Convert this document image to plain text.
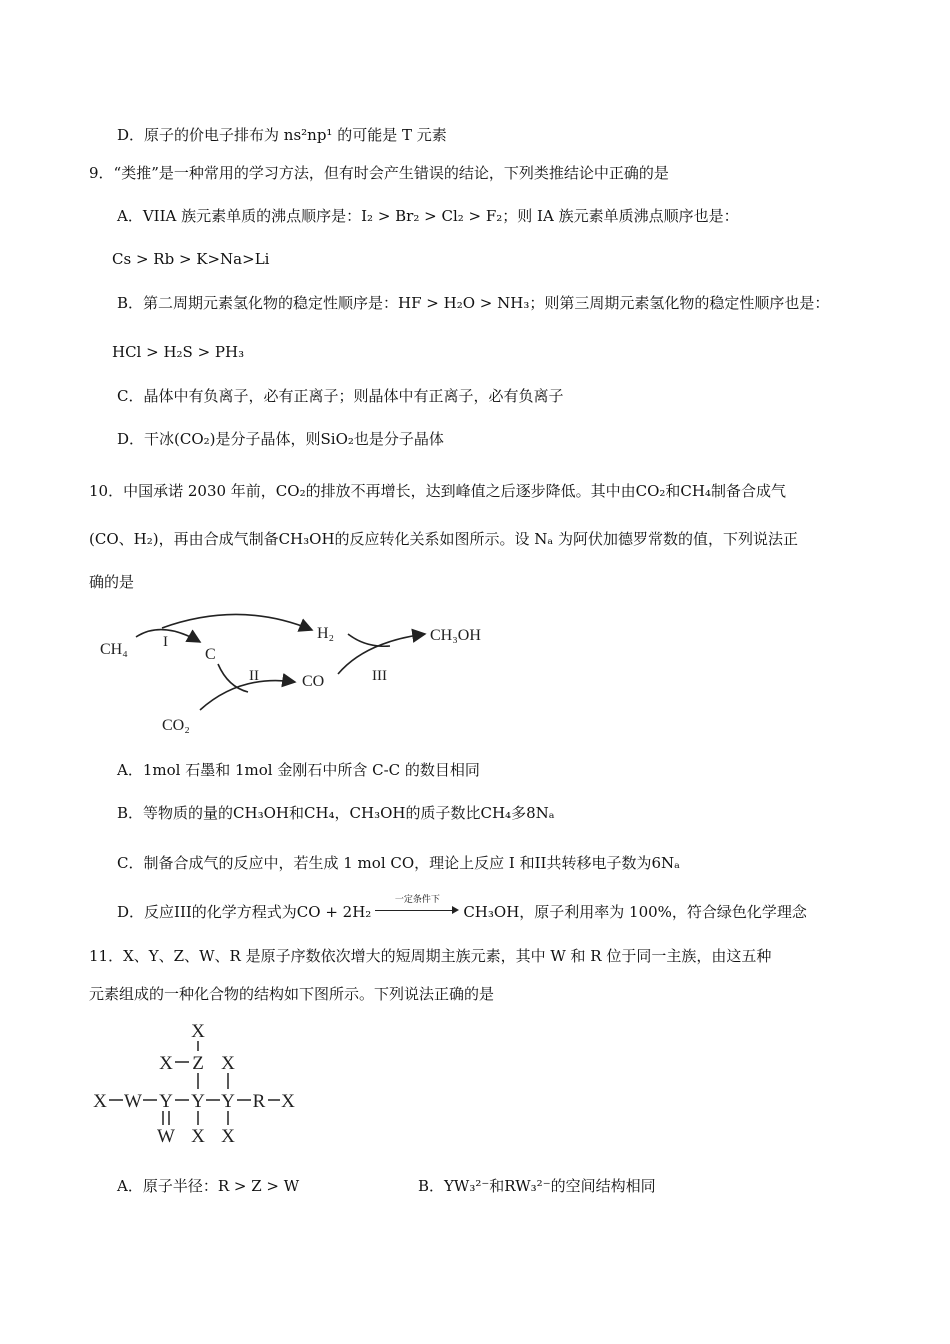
D．原子的价电子排布为 ns²np¹ 的可能是 T 元素
9．“类推”是一种常用的学习方法，但有时会产生错误的结论，下列类推结论中正确的是
A．VIIA 族元素单质的沸点顺序是：I₂ > Br₂ > Cl₂ > F₂；则 IA 族元素单质沸点顺序也是：
Cs > Rb > K>Na>Li
B．第二周期元素氢化物的稳定性顺序是：HF > H₂O > NH₃；则第三周期元素氢化物的稳定性顺序也是：
HCl > H₂S > PH₃
C．晶体中有负离子，必有正离子；则晶体中有正离子，必有负离子
D．干冰(CO₂)是分子晶体，则SiO₂也是分子晶体
10．中国承诺 2030 年前，CO₂的排放不再增长，达到峰值之后逐步降低。其中由CO₂和CH₄制备合成气
(CO、H₂)，再由合成气制备CH₃OH的反应转化关系如图所示。设 Nₐ 为阿伏加德罗常数的值，下列说法正
确的是
CH₄ I
C
H₂	CH₃OH
II	CO	III
CO₂
A．1mol 石墨和 1mol 金刚石中所含 C-C 的数目相同
B．等物质的量的CH₃OH和CH₄，CH₃OH的质子数比CH₄多8Nₐ
C．制备合成气的反应中，若生成 1 mol CO，理论上反应 I 和II共转移电子数为6Nₐ
D．反应III的化学方程式为CO + 2H₂
一定条件下
CH₃OH，原子利用率为 100%，符合绿色化学理念
11．X、Y、Z、W、R 是原子序数依次增大的短周期主族元素，其中 W 和 R 位于同一主族，由这五种
元素组成的一种化合物的结构如下图所示。下列说法正确的是
X
X Z X
X W Y Y Y R X
W X X
A．原子半径：R > Z > W	B．YW₃²⁻和RW₃²⁻的空间结构相同
